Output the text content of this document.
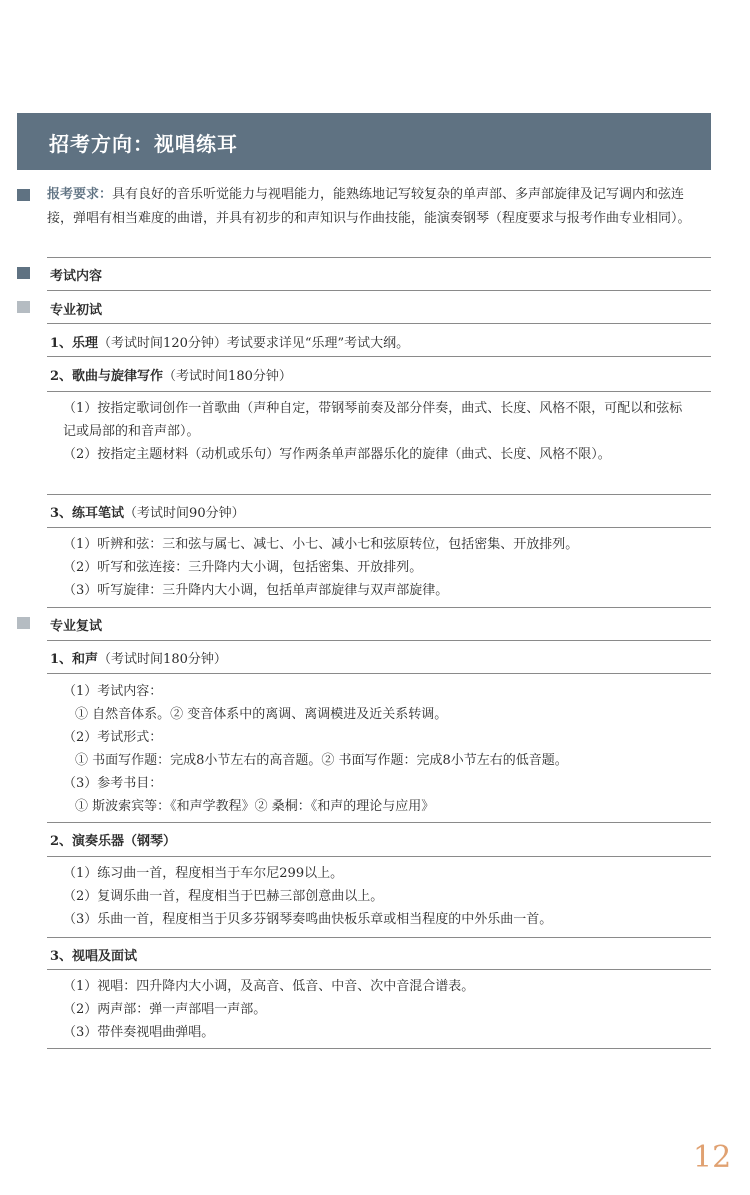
招考方向：视唱练耳
报考要求：具有良好的音乐听觉能力与视唱能力，能熟练地记写较复杂的单声部、多声部旋律及记写调内和弦连接，弹唱有相当难度的曲谱，并具有初步的和声知识与作曲技能，能演奏钢琴（程度要求与报考作曲专业相同）。
考试内容
专业初试
1、乐理（考试时间120分钟）考试要求详见“乐理”考试大纲。
2、歌曲与旋律写作（考试时间180分钟）
（1）按指定歌词创作一首歌曲（声种自定，带钢琴前奏及部分伴奏，曲式、长度、风格不限，可配以和弦标记或局部的和音声部）。
（2）按指定主题材料（动机或乐句）写作两条单声部器乐化的旋律（曲式、长度、风格不限）。
3、练耳笔试（考试时间90分钟）
（1）听辨和弦：三和弦与属七、减七、小七、减小七和弦原转位，包括密集、开放排列。
（2）听写和弦连接：三升降内大小调，包括密集、开放排列。
（3）听写旋律：三升降内大小调，包括单声部旋律与双声部旋律。
专业复试
1、和声（考试时间180分钟）
（1）考试内容：
① 自然音体系。② 变音体系中的离调、离调模进及近关系转调。
（2）考试形式：
① 书面写作题：完成8小节左右的高音题。② 书面写作题：完成8小节左右的低音题。
（3）参考书目：
① 斯波索宾等：《和声学教程》② 桑桐：《和声的理论与应用》
2、演奏乐器（钢琴）
（1）练习曲一首，程度相当于车尔尼299以上。
（2）复调乐曲一首，程度相当于巴赫三部创意曲以上。
（3）乐曲一首，程度相当于贝多芬钢琴奏鸣曲快板乐章或相当程度的中外乐曲一首。
3、视唱及面试
（1）视唱：四升降内大小调，及高音、低音、中音、次中音混合谱表。
（2）两声部：弹一声部唱一声部。
（3）带伴奏视唱曲弹唱。
12
